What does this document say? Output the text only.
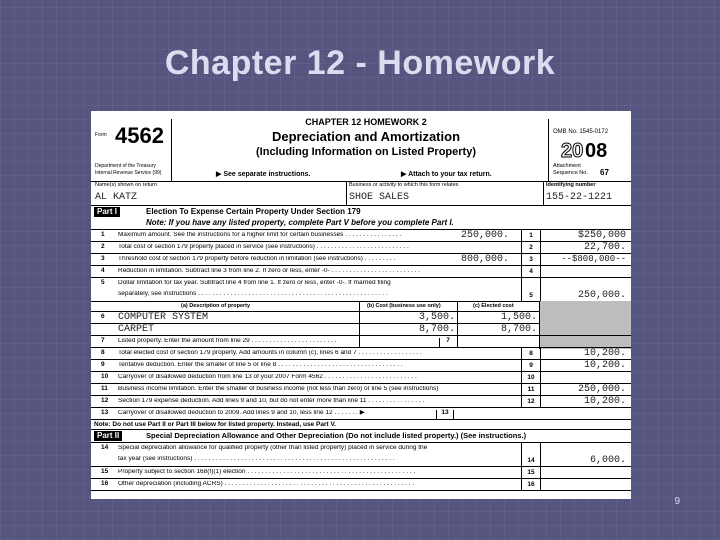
Chapter 12 - Homework
Form 4562
Department of the Treasury
Internal Revenue Service (99)
CHAPTER 12 HOMEWORK 2
Depreciation and Amortization
(Including Information on Listed Property)
▶ See separate instructions.	▶ Attach to your tax return.
OMB No. 1545-0172
20 08
Attachment
Sequence No. 67
Name(s) shown on return
AL KATZ
Business or activity to which this form relates
SHOE SALES
Identifying number
155-22-1221
Part I	Election To Expense Certain Property Under Section 179
Note: If you have any listed property, complete Part V before you complete Part I.
1 Maximum amount. See the instructions for a higher limit for certain businesses . . . . . . . . . . . . . . . .	250,000.	1	$250,000
2 Total cost of section 179 property placed in service (see instructions) . . . . . . . . . . . . . . . . . . . . . . . . . .	2	22,700.
3 Threshold cost of section 179 property before reduction in limitation (see instructions) . . . . . . . . .	800,000.	3	--$800,000--
4 Reduction in limitation. Subtract line 3 from line 2. If zero or less, enter -0- . . . . . . . . . . . . . . . . . . . . . . . . .	4
5 Dollar limitation for tax year. Subtract line 4 from line 1. If zero or less, enter -0-. If married filing
separately, see instructions . . . . . . . . . . . . . . . . . . . . . . . . . . . . . . . . . . . . . . . . . . . . . . . . . . . . .	5	250,000.
(a) Description of property	(b) Cost (business use only)	(c) Elected cost
6 COMPUTER SYSTEM	3,500.	1,500.
CARPET	8,700.	8,700.
7 Listed property. Enter the amount from line 29 . . . . . . . . . . . . . . . . . . . . . . . .	7
8 Total elected cost of section 179 property. Add amounts in column (c), lines 6 and 7 . . . . . . . . . . . . . . . . . .	8	10,200.
9 Tentative deduction. Enter the smaller of line 5 or line 8 . . . . . . . . . . . . . . . . . . . . . . . . . . . . . . . . . . .	9	10,200.
10 Carryover of disallowed deduction from line 13 of your 2007 Form 4562 . . . . . . . . . . . . . . . . . . . . . . . . . .	10
11 Business income limitation. Enter the smaller of business income (not less than zero) or line 5 (see instructions)	11	250,000.
12 Section 179 expense deduction. Add lines 9 and 10, but do not enter more than line 11 . . . . . . . . . . . . . . . .	12	10,200.
13 Carryover of disallowed deduction to 2009. Add lines 9 and 10, less line 12 . . . . . . . ▶	13
Note: Do not use Part II or Part III below for listed property. Instead, use Part V.
Part II	Special Depreciation Allowance and Other Depreciation (Do not include listed property.) (See instructions.)
14 Special depreciation allowance for qualified property (other than listed property) placed in service during the
tax year (see instructions) . . . . . . . . . . . . . . . . . . . . . . . . . . . . . . . . . . . . . . . . . . . . . . . . . . . . . . . .	14	6,000.
15 Property subject to section 168(f)(1) election . . . . . . . . . . . . . . . . . . . . . . . . . . . . . . . . . . . . . . . . . . . . . . .	15
16 Other depreciation (including ACRS) . . . . . . . . . . . . . . . . . . . . . . . . . . . . . . . . . . . . . . . . . . . . . . . . . . . . .	16
9
